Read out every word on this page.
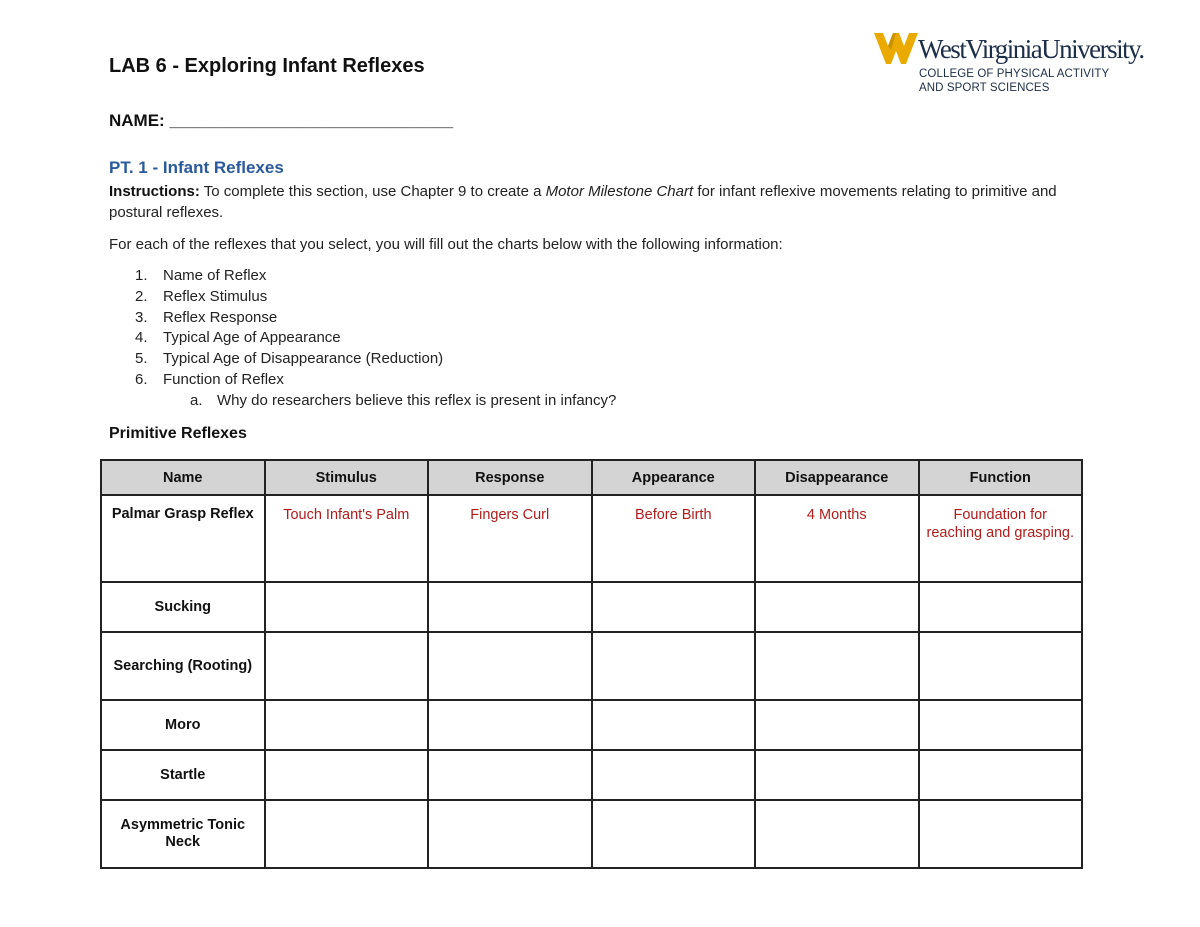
LAB 6 - Exploring Infant Reflexes
WestVirginiaUniversity.
COLLEGE OF PHYSICAL ACTIVITY
AND SPORT SCIENCES
NAME: ______________________________
PT. 1 - Infant Reflexes
Instructions: To complete this section, use Chapter 9 to create a Motor Milestone Chart for infant reflexive movements relating to primitive and postural reflexes.
For each of the reflexes that you select, you will fill out the charts below with the following information:
1. Name of Reflex
2. Reflex Stimulus
3. Reflex Response
4. Typical Age of Appearance
5. Typical Age of Disappearance (Reduction)
6. Function of Reflex
a. Why do researchers believe this reflex is present in infancy?
Primitive Reflexes
Name	Stimulus	Response	Appearance	Disappearance	Function
Palmar Grasp Reflex	Touch Infant's Palm	Fingers Curl	Before Birth	4 Months	Foundation for reaching and grasping.
Sucking					
Searching (Rooting)					
Moro					
Startle					
Asymmetric Tonic Neck					
